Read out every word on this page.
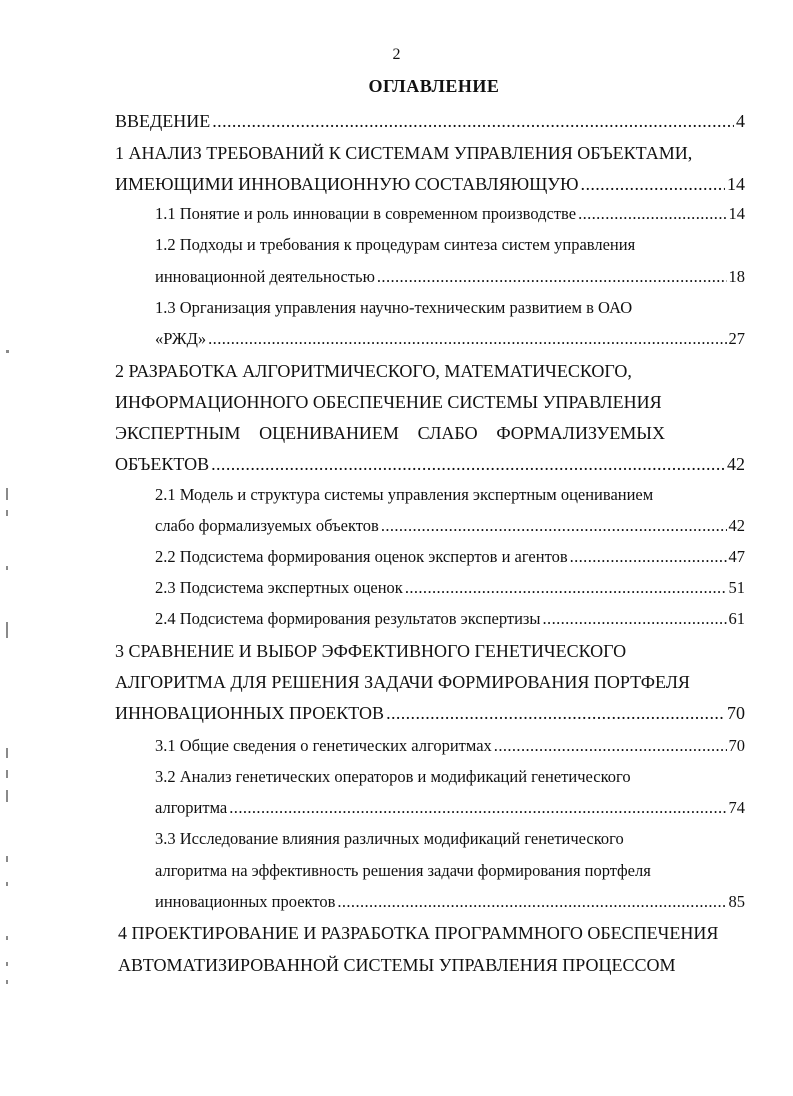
2
ОГЛАВЛЕНИЕ
ВВЕДЕНИЕ .....	4
1 АНАЛИЗ ТРЕБОВАНИЙ К СИСТЕМАМ УПРАВЛЕНИЯ ОБЪЕКТАМИ,
ИМЕЮЩИМИ ИННОВАЦИОННУЮ СОСТАВЛЯЮЩУЮ .....	14
1.1 Понятие и роль инновации в современном производстве .....	14
1.2 Подходы и требования к процедурам синтеза систем управления
инновационной деятельностью .....	18
1.3 Организация управления научно-техническим развитием в ОАО
«РЖД» .....	27
2 РАЗРАБОТКА АЛГОРИТМИЧЕСКОГО, МАТЕМАТИЧЕСКОГО,
ИНФОРМАЦИОННОГО ОБЕСПЕЧЕНИЕ СИСТЕМЫ УПРАВЛЕНИЯ
ЭКСПЕРТНЫМ ОЦЕНИВАНИЕМ СЛАБО ФОРМАЛИЗУЕМЫХ
ОБЪЕКТОВ .....	42
2.1 Модель и структура системы управления экспертным оцениванием
слабо формализуемых объектов .....	42
2.2 Подсистема формирования оценок экспертов и агентов .....	47
2.3 Подсистема экспертных оценок .....	51
2.4 Подсистема формирования результатов экспертизы .....	61
3 СРАВНЕНИЕ И ВЫБОР ЭФФЕКТИВНОГО ГЕНЕТИЧЕСКОГО
АЛГОРИТМА ДЛЯ РЕШЕНИЯ ЗАДАЧИ ФОРМИРОВАНИЯ ПОРТФЕЛЯ
ИННОВАЦИОННЫХ ПРОЕКТОВ .....	70
3.1 Общие сведения о генетических алгоритмах .....	70
3.2 Анализ генетических операторов и модификаций генетического
алгоритма .....	74
3.3 Исследование влияния различных модификаций генетического
алгоритма на эффективность решения задачи формирования портфеля
инновационных проектов .....	85
4 ПРОЕКТИРОВАНИЕ И РАЗРАБОТКА ПРОГРАММНОГО ОБЕСПЕЧЕНИЯ
АВТОМАТИЗИРОВАННОЙ СИСТЕМЫ УПРАВЛЕНИЯ ПРОЦЕССОМ
